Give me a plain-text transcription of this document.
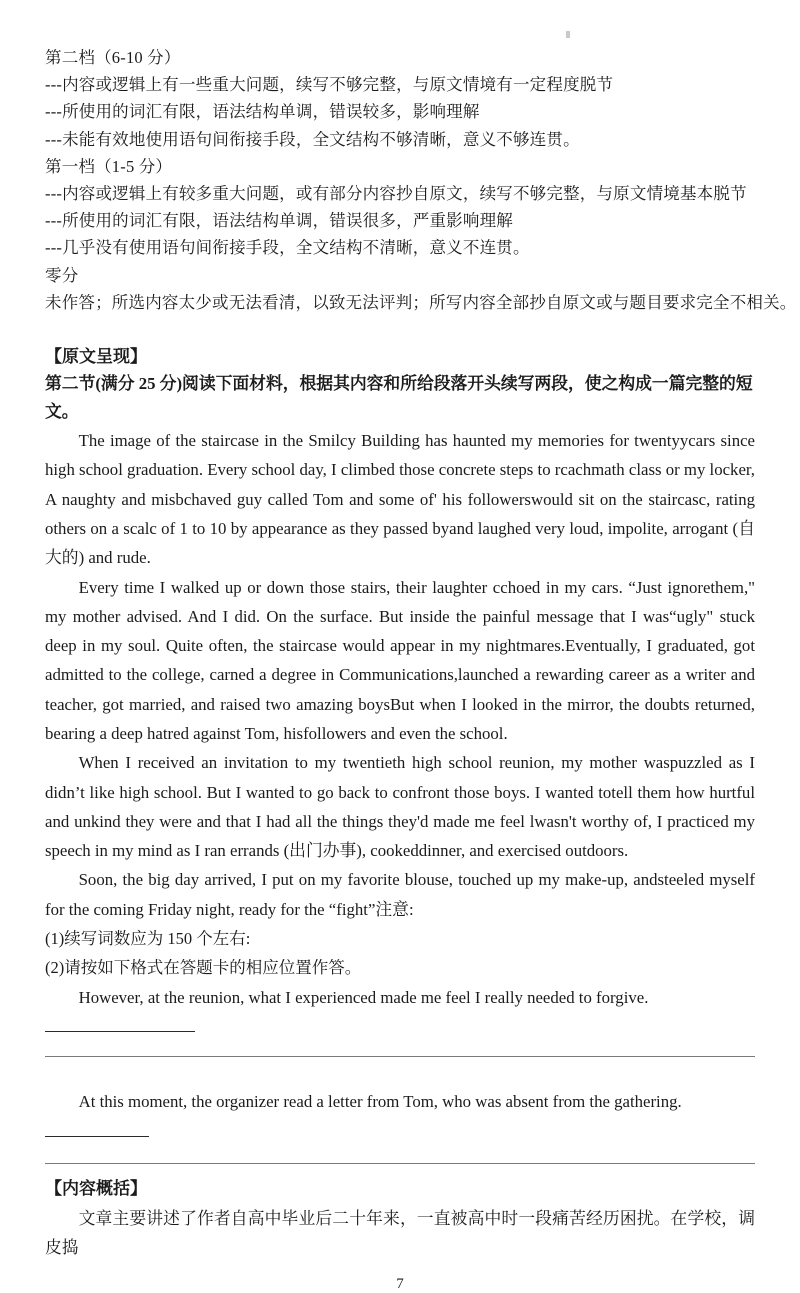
第二档（6-10 分）
---内容或逻辑上有一些重大问题，续写不够完整，与原文情境有一定程度脱节
---所使用的词汇有限，语法结构单调，错误较多，影响理解
---未能有效地使用语句间衔接手段，全文结构不够清晰，意义不够连贯。
第一档（1-5 分）
---内容或逻辑上有较多重大问题，或有部分内容抄自原文，续写不够完整，与原文情境基本脱节
---所使用的词汇有限，语法结构单调，错误很多，严重影响理解
---几乎没有使用语句间衔接手段，全文结构不清晰，意义不连贯。
零分
未作答；所选内容太少或无法看清，以致无法评判；所写内容全部抄自原文或与题目要求完全不相关。
【原文呈现】
第二节(满分 25 分)阅读下面材料，根据其内容和所给段落开头续写两段，使之构成一篇完整的短文。

The image of the staircase in the Smilcy Building has haunted my memories for twentyycars since high school graduation. Every school day, I climbed those concrete steps to rcachmath class or my locker, A naughty and misbchaved guy called Tom and some of' his followerswould sit on the staircasc, rating others on a scalc of 1 to 10 by appearance as they passed byand laughed very loud, impolite, arrogant (自大的) and rude.

Every time I walked up or down those stairs, their laughter cchoed in my cars. “Just ignorethem," my mother advised. And I did. On the surface. But inside the painful message that I was“ugly" stuck deep in my soul. Quite often, the staircase would appear in my nightmares.Eventually, I graduated, got admitted to the college, carned a degree in Communications,launched a rewarding career as a writer and teacher, got married, and raised two amazing boysBut when I looked in the mirror, the doubts returned, bearing a deep hatred against Tom, hisfollowers and even the school.

When I received an invitation to my twentieth high school reunion, my mother waspuzzled as I didn’t like high school. But I wanted to go back to confront those boys. I wanted totell them how hurtful and unkind they were and that I had all the things they'd made me feel lwasn't worthy of, I practiced my speech in my mind as I ran errands (出门办事), cookeddinner, and exercised outdoors.

Soon, the big day arrived, I put on my favorite blouse, touched up my make-up, andsteeled myself for the coming Friday night, ready for the “fight”注意:

(1)续写词数应为 150 个左右:
(2)请按如下格式在答题卡的相应位置作答。

However, at the reunion, what I experienced made me feel I really needed to forgive.

At this moment, the organizer read a letter from Tom, who was absent from the gathering.

【内容概括】

文章主要讲述了作者自高中毕业后二十年来，一直被高中时一段痛苦经历困扰。在学校，调皮捣

7
